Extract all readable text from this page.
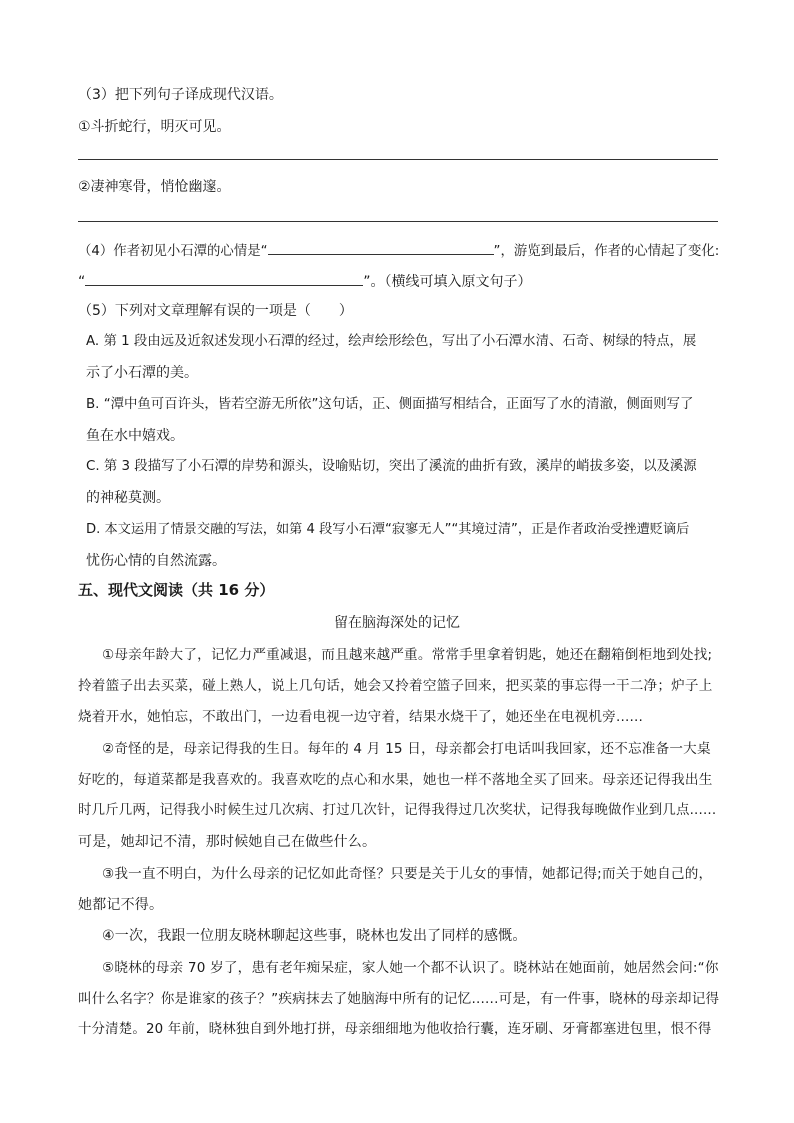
（3）把下列句子译成现代汉语。
①斗折蛇行，明灭可见。
②凄神寒骨，悄怆幽邃。
（4）作者初见小石潭的心情是“	”，游览到最后，作者的心情起了变化:
“	”。（横线可填入原文句子）
（5）下列对文章理解有误的一项是（　　）
A. 第 1 段由远及近叙述发现小石潭的经过，绘声绘形绘色，写出了小石潭水清、石奇、树绿的特点，展
示了小石潭的美。
B. “潭中鱼可百许头，皆若空游无所依”这句话，正、侧面描写相结合，正面写了水的清澈，侧面则写了
鱼在水中嬉戏。
C. 第 3 段描写了小石潭的岸势和源头，设喻贴切，突出了溪流的曲折有致，溪岸的峭拔多姿，以及溪源
的神秘莫测。
D. 本文运用了情景交融的写法，如第 4 段写小石潭“寂寥无人”“其境过清”，正是作者政治受挫遭贬谪后
忧伤心情的自然流露。
五、现代文阅读（共 16 分）
留在脑海深处的记忆
①母亲年龄大了，记忆力严重减退，而且越来越严重。常常手里拿着钥匙，她还在翻箱倒柜地到处找;
拎着篮子出去买菜，碰上熟人，说上几句话，她会又拎着空篮子回来，把买菜的事忘得一干二净；炉子上
烧着开水，她怕忘，不敢出门，一边看电视一边守着，结果水烧干了，她还坐在电视机旁......
②奇怪的是，母亲记得我的生日。每年的 4 月 15 日，母亲都会打电话叫我回家，还不忘准备一大桌
好吃的，每道菜都是我喜欢的。我喜欢吃的点心和水果，她也一样不落地全买了回来。母亲还记得我出生
时几斤几两，记得我小时候生过几次病、打过几次针，记得我得过几次奖状，记得我每晚做作业到几点......
可是，她却记不清，那时候她自己在做些什么。
③我一直不明白，为什么母亲的记忆如此奇怪？只要是关于儿女的事情，她都记得;而关于她自己的，
她都记不得。
④一次，我跟一位朋友晓林聊起这些事，晓林也发出了同样的感慨。
⑤晓林的母亲 70 岁了，患有老年痴呆症，家人她一个都不认识了。晓林站在她面前，她居然会问:“你
叫什么名字？你是谁家的孩子？”疾病抹去了她脑海中所有的记忆......可是，有一件事，晓林的母亲却记得
十分清楚。20 年前，晓林独自到外地打拼，母亲细细地为他收拾行囊，连牙刷、牙膏都塞进包里，恨不得
